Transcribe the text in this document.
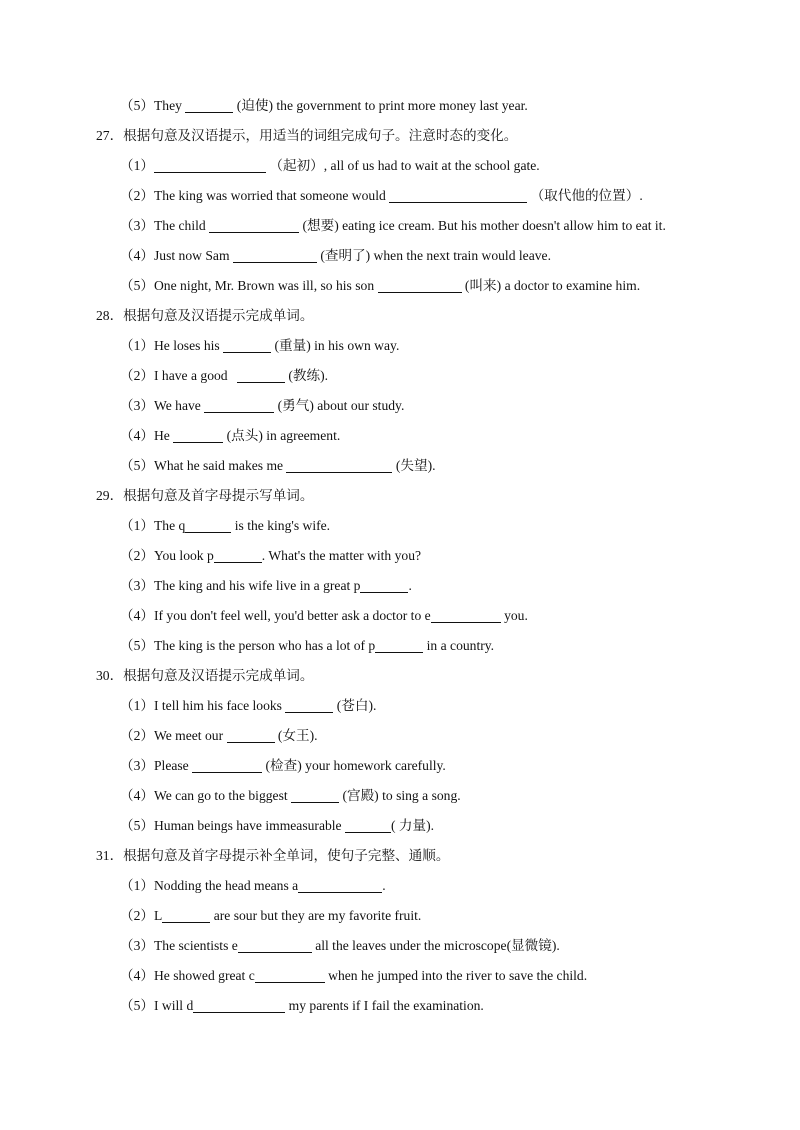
（5）They	(迫使) the government to print more money last year.
27．根据句意及汉语提示，用适当的词组完成句子。注意时态的变化。
（1）	（起初）, all of us had to wait at the school gate.
（2）The king was worried that someone would	（取代他的位置）.
（3）The child	(想要) eating ice cream. But his mother doesn't allow him to eat it.
（4）Just now Sam	(查明了) when the next train would leave.
（5）One night, Mr. Brown was ill, so his son	(叫来) a doctor to examine him.
28．根据句意及汉语提示完成单词。
（1）He loses his	(重量) in his own way.
（2）I have a good	(教练).
（3）We have	(勇气) about our study.
（4）He	(点头) in agreement.
（5）What he said makes me	(失望).
29．根据句意及首字母提示写单词。
（1）The q	is the king's wife.
（2）You look p	. What's the matter with you?
（3）The king and his wife live in a great p	.
（4）If you don't feel well, you'd better ask a doctor to e	you.
（5）The king is the person who has a lot of p	in a country.
30．根据句意及汉语提示完成单词。
（1）I tell him his face looks	(苍白).
（2）We meet our	(女王).
（3）Please	(检查) your homework carefully.
（4）We can go to the biggest	(宫殿) to sing a song.
（5）Human beings have immeasurable	( 力量).
31．根据句意及首字母提示补全单词，使句子完整、通顺。
（1）Nodding the head means a	.
（2）L	are sour but they are my favorite fruit.
（3）The scientists e	all the leaves under the microscope(显微镜).
（4）He showed great c	when he jumped into the river to save the child.
（5）I will d	my parents if I fail the examination.
